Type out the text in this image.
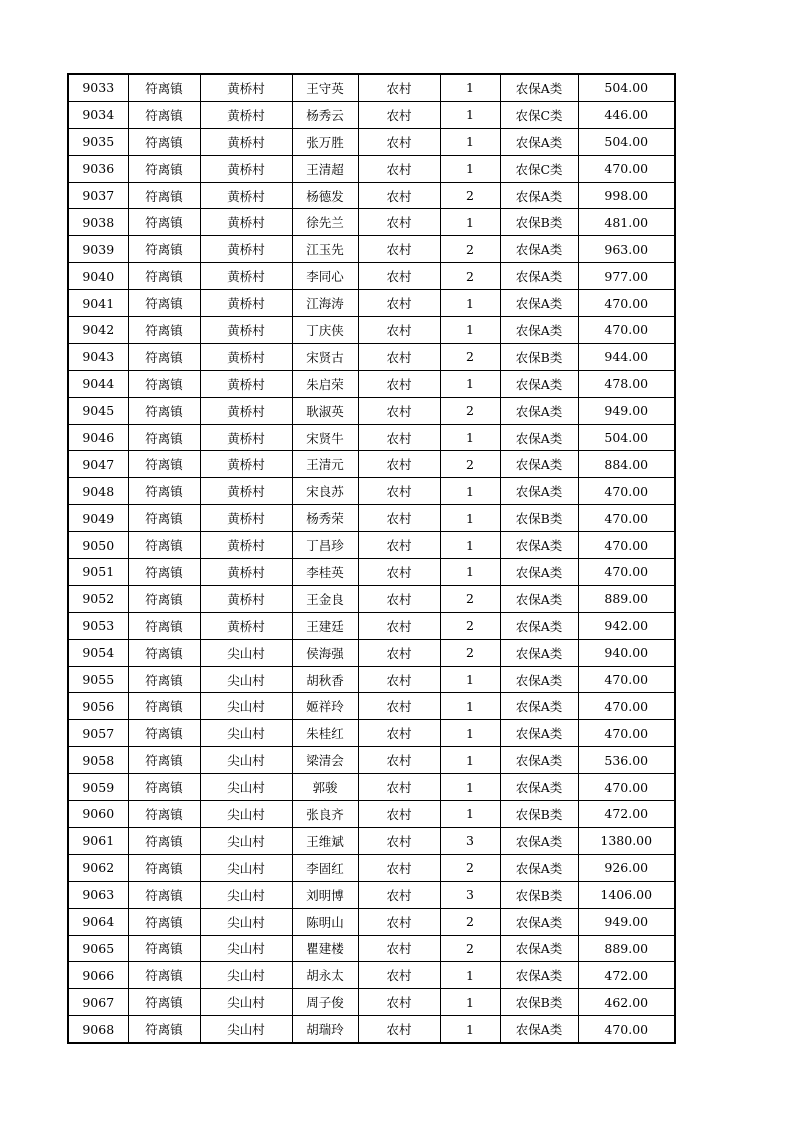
9033	符离镇	黄桥村	王守英	农村	1	农保A类	504.00
9034	符离镇	黄桥村	杨秀云	农村	1	农保C类	446.00
9035	符离镇	黄桥村	张万胜	农村	1	农保A类	504.00
9036	符离镇	黄桥村	王清超	农村	1	农保C类	470.00
9037	符离镇	黄桥村	杨德发	农村	2	农保A类	998.00
9038	符离镇	黄桥村	徐先兰	农村	1	农保B类	481.00
9039	符离镇	黄桥村	江玉先	农村	2	农保A类	963.00
9040	符离镇	黄桥村	李同心	农村	2	农保A类	977.00
9041	符离镇	黄桥村	江海涛	农村	1	农保A类	470.00
9042	符离镇	黄桥村	丁庆侠	农村	1	农保A类	470.00
9043	符离镇	黄桥村	宋贤古	农村	2	农保B类	944.00
9044	符离镇	黄桥村	朱启荣	农村	1	农保A类	478.00
9045	符离镇	黄桥村	耿淑英	农村	2	农保A类	949.00
9046	符离镇	黄桥村	宋贤牛	农村	1	农保A类	504.00
9047	符离镇	黄桥村	王清元	农村	2	农保A类	884.00
9048	符离镇	黄桥村	宋良苏	农村	1	农保A类	470.00
9049	符离镇	黄桥村	杨秀荣	农村	1	农保B类	470.00
9050	符离镇	黄桥村	丁昌珍	农村	1	农保A类	470.00
9051	符离镇	黄桥村	李桂英	农村	1	农保A类	470.00
9052	符离镇	黄桥村	王金良	农村	2	农保A类	889.00
9053	符离镇	黄桥村	王建廷	农村	2	农保A类	942.00
9054	符离镇	尖山村	侯海强	农村	2	农保A类	940.00
9055	符离镇	尖山村	胡秋香	农村	1	农保A类	470.00
9056	符离镇	尖山村	姬祥玲	农村	1	农保A类	470.00
9057	符离镇	尖山村	朱桂红	农村	1	农保A类	470.00
9058	符离镇	尖山村	梁清会	农村	1	农保A类	536.00
9059	符离镇	尖山村	郭骏	农村	1	农保A类	470.00
9060	符离镇	尖山村	张良齐	农村	1	农保B类	472.00
9061	符离镇	尖山村	王维斌	农村	3	农保A类	1380.00
9062	符离镇	尖山村	李固红	农村	2	农保A类	926.00
9063	符离镇	尖山村	刘明博	农村	3	农保B类	1406.00
9064	符离镇	尖山村	陈明山	农村	2	农保A类	949.00
9065	符离镇	尖山村	瞿建楼	农村	2	农保A类	889.00
9066	符离镇	尖山村	胡永太	农村	1	农保A类	472.00
9067	符离镇	尖山村	周子俊	农村	1	农保B类	462.00
9068	符离镇	尖山村	胡瑞玲	农村	1	农保A类	470.00
